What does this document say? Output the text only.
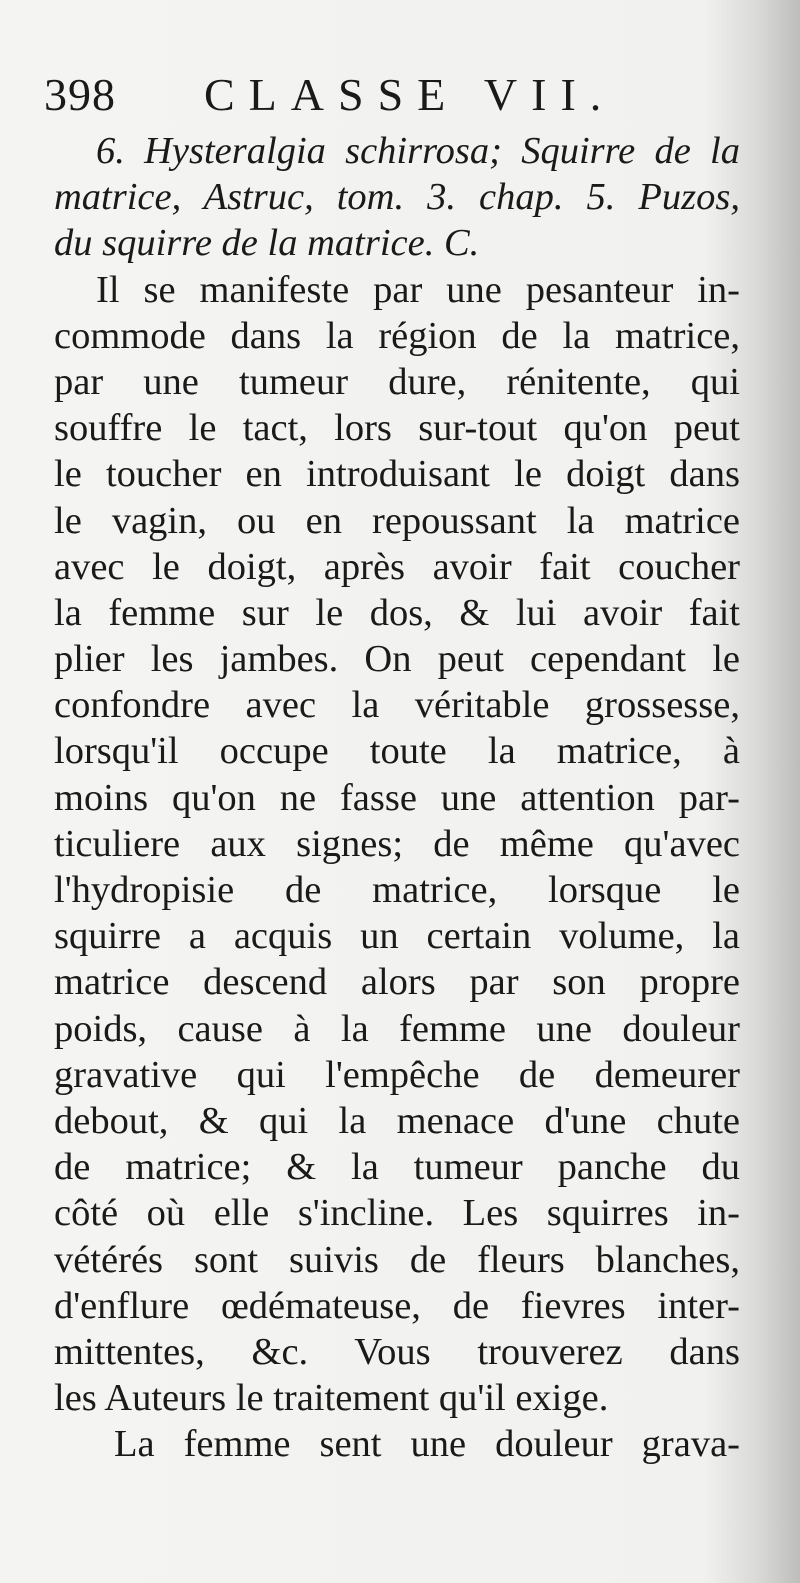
398 CLASSE VII.
6. Hysteralgia schirrosa; Squirre de la
matrice, Astruc, tom. 3. chap. 5. Puzos,
du squirre de la matrice. C.
Il se manifeste par une pesanteur in-
commode dans la région de la matrice,
par une tumeur dure, rénitente, qui
souffre le tact, lors sur-tout qu'on peut
le toucher en introduisant le doigt dans
le vagin, ou en repoussant la matrice
avec le doigt, après avoir fait coucher
la femme sur le dos, & lui avoir fait
plier les jambes. On peut cependant le
confondre avec la véritable grossesse,
lorsqu'il occupe toute la matrice, à
moins qu'on ne fasse une attention par-
ticuliere aux signes; de même qu'avec
l'hydropisie de matrice, lorsque le
squirre a acquis un certain volume, la
matrice descend alors par son propre
poids, cause à la femme une douleur
gravative qui l'empêche de demeurer
debout, & qui la menace d'une chute
de matrice; & la tumeur panche du
côté où elle s'incline. Les squirres in-
vétérés sont suivis de fleurs blanches,
d'enflure œdémateuse, de fievres inter-
mittentes, &c. Vous trouverez dans
les Auteurs le traitement qu'il exige.
La femme sent une douleur grava-
